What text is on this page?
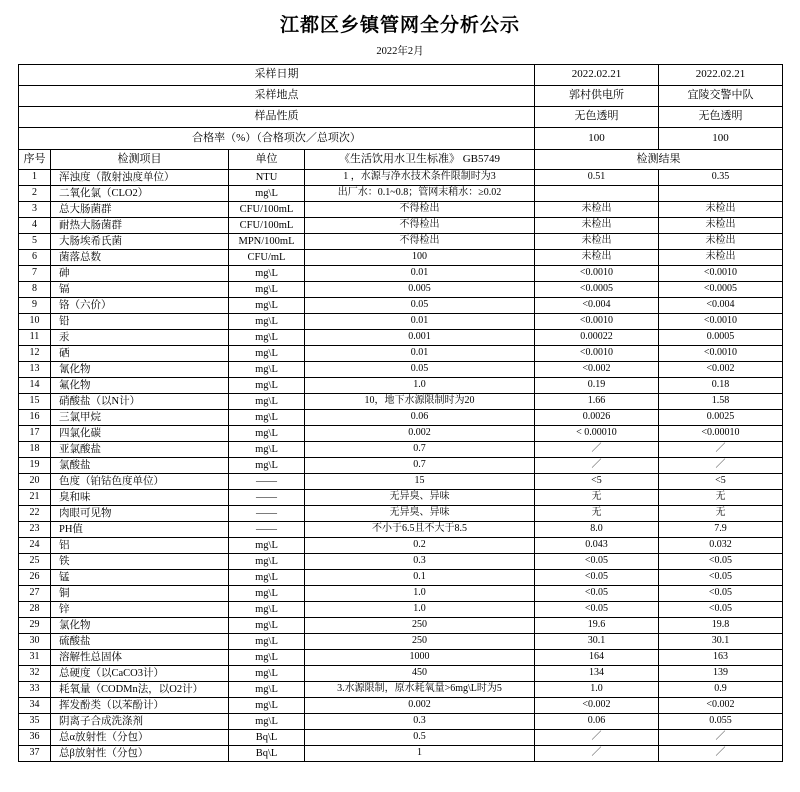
江都区乡镇管网全分析公示
2022年2月
采样日期				2022.02.21	2022.02.21
采样地点				郭村供电所	宜陵交警中队
样品性质				无色透明	无色透明
合格率（%）（合格项次／总项次）				100	100
序号	检测项目	单位	《生活饮用水卫生标准》 GB5749	检测结果	
1	浑浊度（散射浊度单位）	NTU	1 ，水源与净水技术条件限制时为3	0.51	0.35
2	二氧化氯（CLO2）	mg\L	出厂水：0.1~0.8；管网末稍水：≥0.02		
3	总大肠菌群	CFU/100mL	不得检出	未检出	未检出
4	耐热大肠菌群	CFU/100mL	不得检出	未检出	未检出
5	大肠埃希氏菌	MPN/100mL	不得检出	未检出	未检出
6	菌落总数	CFU/mL	100	未检出	未检出
7	砷	mg\L	0.01	<0.0010	<0.0010
8	镉	mg\L	0.005	<0.0005	<0.0005
9	铬（六价）	mg\L	0.05	<0.004	<0.004
10	铅	mg\L	0.01	<0.0010	<0.0010
11	汞	mg\L	0.001	0.00022	0.0005
12	硒	mg\L	0.01	<0.0010	<0.0010
13	氰化物	mg\L	0.05	<0.002	<0.002
14	氟化物	mg\L	1.0	0.19	0.18
15	硝酸盐（以N计）	mg\L	10，地下水源限制时为20	1.66	1.58
16	三氯甲烷	mg\L	0.06	0.0026	0.0025
17	四氯化碳	mg\L	0.002	< 0.00010	<0.00010
18	亚氯酸盐	mg\L	0.7	／	／
19	氯酸盐	mg\L	0.7	／	／
20	色度（铂钴色度单位）	——	15	<5	<5
21	臭和味	——	无异臭、异味	无	无
22	肉眼可见物	——	无异臭、异味	无	无
23	PH值	——	不小于6.5且不大于8.5	8.0	7.9
24	铝	mg\L	0.2	0.043	0.032
25	铁	mg\L	0.3	<0.05	<0.05
26	锰	mg\L	0.1	<0.05	<0.05
27	铜	mg\L	1.0	<0.05	<0.05
28	锌	mg\L	1.0	<0.05	<0.05
29	氯化物	mg\L	250	19.6	19.8
30	硫酸盐	mg\L	250	30.1	30.1
31	溶解性总固体	mg\L	1000	164	163
32	总硬度（以CaCO3计）	mg\L	450	134	139
33	耗氧量（CODMn法，以O2计）	mg\L	3.水源限制，原水耗氧量>6mg\L时为5	1.0	0.9
34	挥发酚类（以苯酚计）	mg\L	0.002	<0.002	<0.002
35	阴离子合成洗涤剂	mg\L	0.3	0.06	0.055
36	总α放射性（分包）	Bq\L	0.5	／	／
37	总β放射性（分包）	Bq\L	1	／	／
